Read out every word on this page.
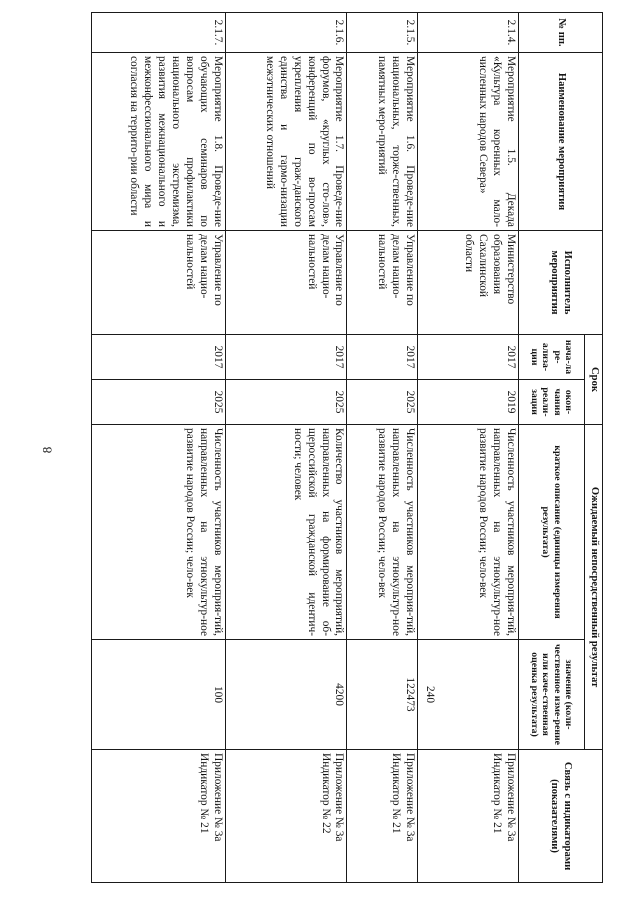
8
№ пп.	Наименование мероприятия	Исполнитель мероприятия	Срок		Ожидаемый непосредственный результат		Связь с индикаторами (показателями)
			нача-ла ре-ализа-ции	окон-чания реали-зации	краткое описание (единицы измерения результата)	значение (коли-чественное изме-рение или каче-ственная оценка результата)	

2.1.4.	Мероприятие 1.5. Декада «Культура коренных мало-численных народов Севера»	Министерство образования Сахалинской области	2017	2019	Численность участников мероприя-тий, направленных на этнокультур-ное развитие народов России; чело-век	240	Приложение № 3а Индикатор № 21
2.1.5.	Мероприятие 1.6. Проведе-ние национальных, торже-ственных, памятных меро-приятий	Управление по делам нацио-нальностей	2017	2025	Численность участников мероприя-тий, направленных на этнокультур-ное развитие народов России; чело-век	122473	Приложение № 3а Индикатор № 21
2.1.6.	Мероприятие 1.7. Проведе-ние форумов, «круглых сто-лов», конференций по во-просам укрепления граж-данского единства и гармо-низации межэтнических отношений	Управление по делам нацио-нальностей	2017	2025	Количество участников мероприятий, направленных на формирование об-щероссийской гражданской идентич-ности; человек	4200	Приложение № 3а Индикатор № 22
2.1.7.	Мероприятие 1.8. Проведе-ние обучающих семинаров по вопросам профилактики национального экстремизма, развития межнационального и межконфессионального мира и согласия на террито-рии области	Управление по делам нацио-нальностей	2017	2025	Численность участников мероприя-тий, направленных на этнокультур-ное развитие народов России; чело-век	100	Приложение № 3а Индикатор № 21
